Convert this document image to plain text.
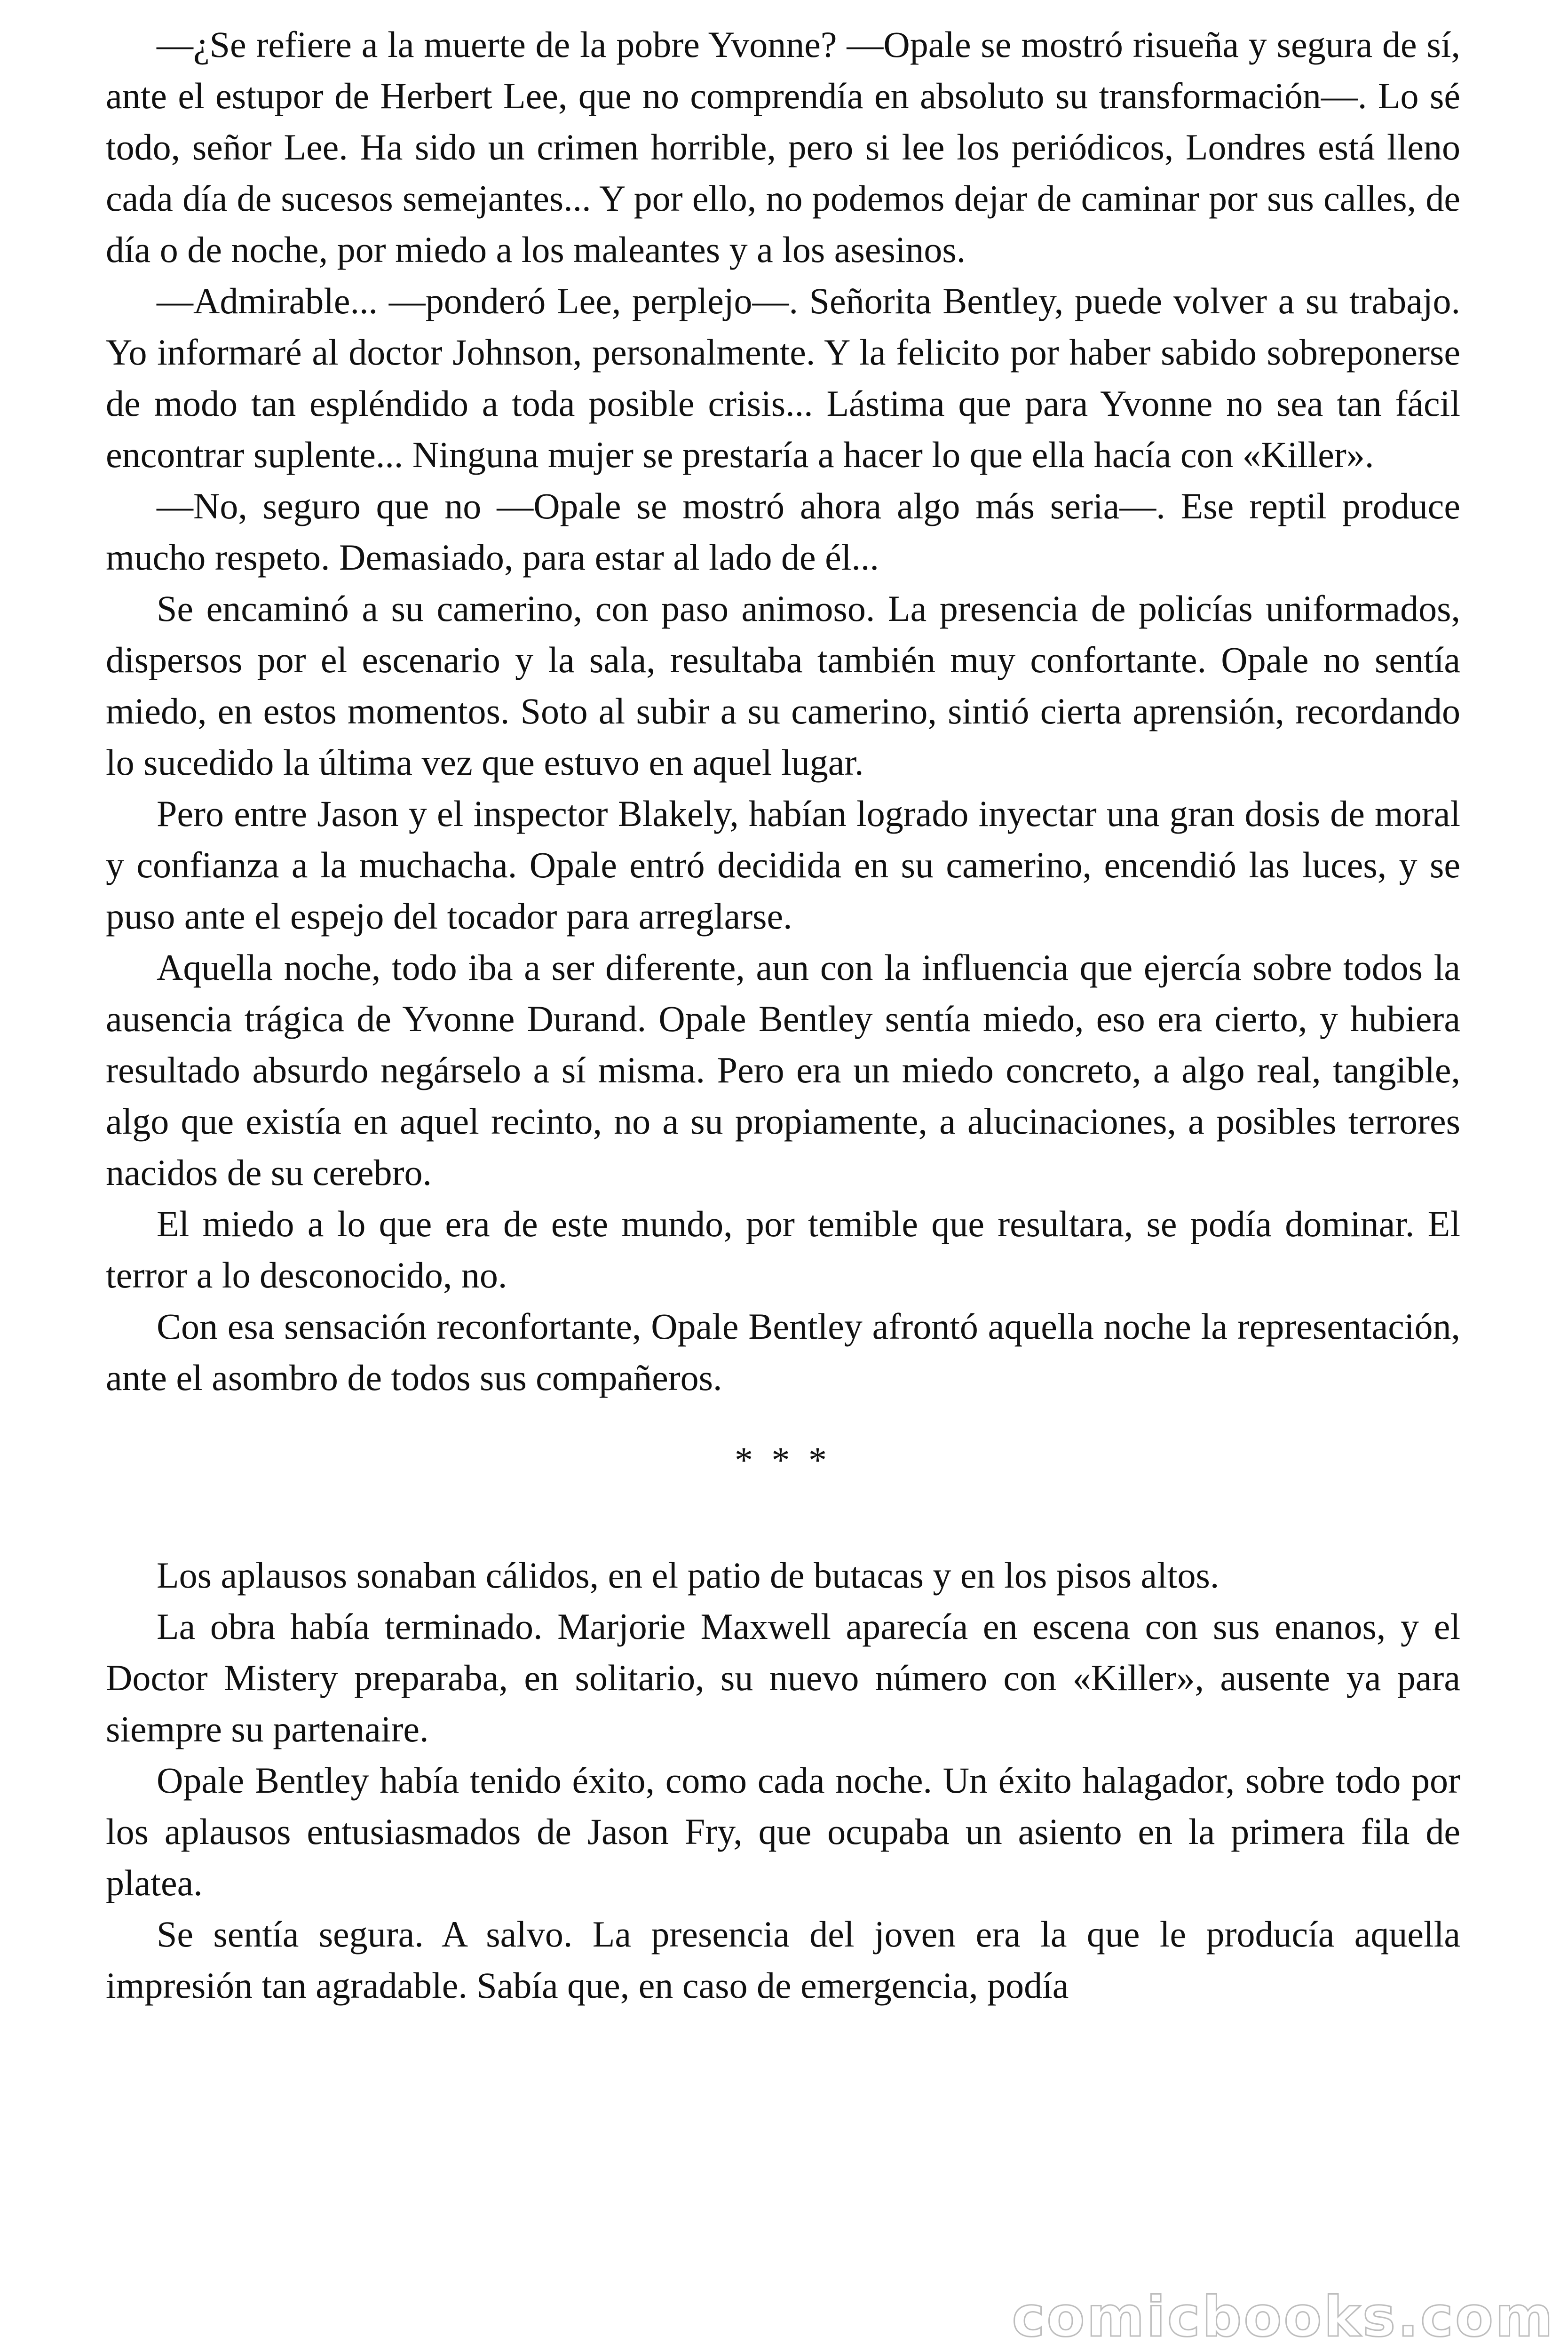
—¿Se refiere a la muerte de la pobre Yvonne? —Opale se mostró risueña y segura de sí, ante el estupor de Herbert Lee, que no comprendía en absoluto su transformación—. Lo sé todo, señor Lee. Ha sido un crimen horrible, pero si lee los periódicos, Londres está lleno cada día de sucesos semejantes... Y por ello, no podemos dejar de caminar por sus calles, de día o de noche, por miedo a los maleantes y a los asesinos.

—Admirable... —ponderó Lee, perplejo—. Señorita Bentley, puede volver a su trabajo. Yo informaré al doctor Johnson, personalmente. Y la felicito por haber sabido sobreponerse de modo tan espléndido a toda posible crisis... Lástima que para Yvonne no sea tan fácil encontrar suplente... Ninguna mujer se prestaría a hacer lo que ella hacía con «Killer».

—No, seguro que no —Opale se mostró ahora algo más seria—. Ese reptil produce mucho respeto. Demasiado, para estar al lado de él...

Se encaminó a su camerino, con paso animoso. La presencia de policías uniformados, dispersos por el escenario y la sala, resultaba también muy confortante. Opale no sentía miedo, en estos momentos. Soto al subir a su camerino, sintió cierta aprensión, recordando lo sucedido la última vez que estuvo en aquel lugar.

Pero entre Jason y el inspector Blakely, habían logrado inyectar una gran dosis de moral y confianza a la muchacha. Opale entró decidida en su camerino, encendió las luces, y se puso ante el espejo del tocador para arreglarse.

Aquella noche, todo iba a ser diferente, aun con la influencia que ejercía sobre todos la ausencia trágica de Yvonne Durand. Opale Bentley sentía miedo, eso era cierto, y hubiera resultado absurdo negárselo a sí misma. Pero era un miedo concreto, a algo real, tangible, algo que existía en aquel recinto, no a su propiamente, a alucinaciones, a posibles terrores nacidos de su cerebro.

El miedo a lo que era de este mundo, por temible que resultara, se podía dominar. El terror a lo desconocido, no.

Con esa sensación reconfortante, Opale Bentley afrontó aquella noche la representación, ante el asombro de todos sus compañeros.

* * *

Los aplausos sonaban cálidos, en el patio de butacas y en los pisos altos.

La obra había terminado. Marjorie Maxwell aparecía en escena con sus enanos, y el Doctor Mistery preparaba, en solitario, su nuevo número con «Killer», ausente ya para siempre su partenaire.

Opale Bentley había tenido éxito, como cada noche. Un éxito halagador, sobre todo por los aplausos entusiasmados de Jason Fry, que ocupaba un asiento en la primera fila de platea.

Se sentía segura. A salvo. La presencia del joven era la que le producía aquella impresión tan agradable. Sabía que, en caso de emergencia, podía

comicbooks.com
